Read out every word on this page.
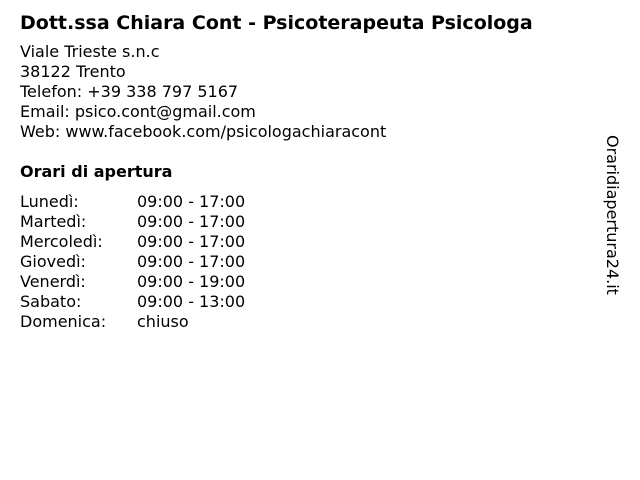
Dott.ssa Chiara Cont - Psicoterapeuta Psicologa
Viale Trieste s.n.c
38122 Trento
Telefon: +39 338 797 5167
Email: psico.cont@gmail.com
Web: www.facebook.com/psicologachiaracont
Orari di apertura
Lunedì:	09:00 - 17:00
Martedì:	09:00 - 17:00
Mercoledì:	09:00 - 17:00
Giovedì:	09:00 - 17:00
Venerdì:	09:00 - 19:00
Sabato:	09:00 - 13:00
Domenica:	chiuso
Oraridiapertura24.it
